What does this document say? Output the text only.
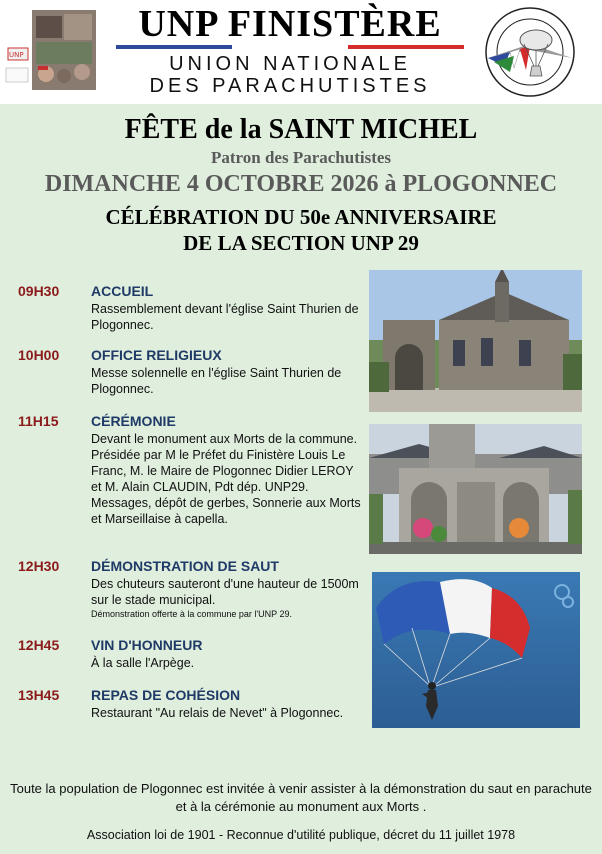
UNP
UNP FINISTÈRE
UNION NATIONALE
DES PARACHUTISTES
FÊTE de la SAINT MICHEL
Patron des Parachutistes
DIMANCHE 4 OCTOBRE 2026 à PLOGONNEC
CÉLÉBRATION DU 50e ANNIVERSAIRE
DE LA SECTION UNP 29
09H30 ACCUEIL
Rassemblement devant l'église Saint Thurien de Plogonnec.
10H00 OFFICE RELIGIEUX
Messe solennelle en l'église Saint Thurien de Plogonnec.
11H15 CÉRÉMONIE
Devant le monument aux Morts de la commune. Présidée par M le Préfet du Finistère Louis Le Franc, M. le Maire de Plogonnec Didier LEROY et M. Alain CLAUDIN, Pdt dép. UNP29. Messages, dépôt de gerbes, Sonnerie aux Morts et Marseillaise à capella.
12H30 DÉMONSTRATION DE SAUT
Des chuteurs sauteront d'une hauteur de 1500m sur le stade municipal.
Démonstration offerte à la commune par l'UNP 29.
12H45 VIN D'HONNEUR
À la salle l'Arpège.
13H45 REPAS DE COHÉSION
Restaurant "Au relais de Nevet" à Plogonnec.
Toute la population de Plogonnec est invitée à venir assister à la démonstration du saut en parachute et à la cérémonie au monument aux Morts .
Association loi de 1901 - Reconnue d'utilité publique, décret du 11 juillet 1978
